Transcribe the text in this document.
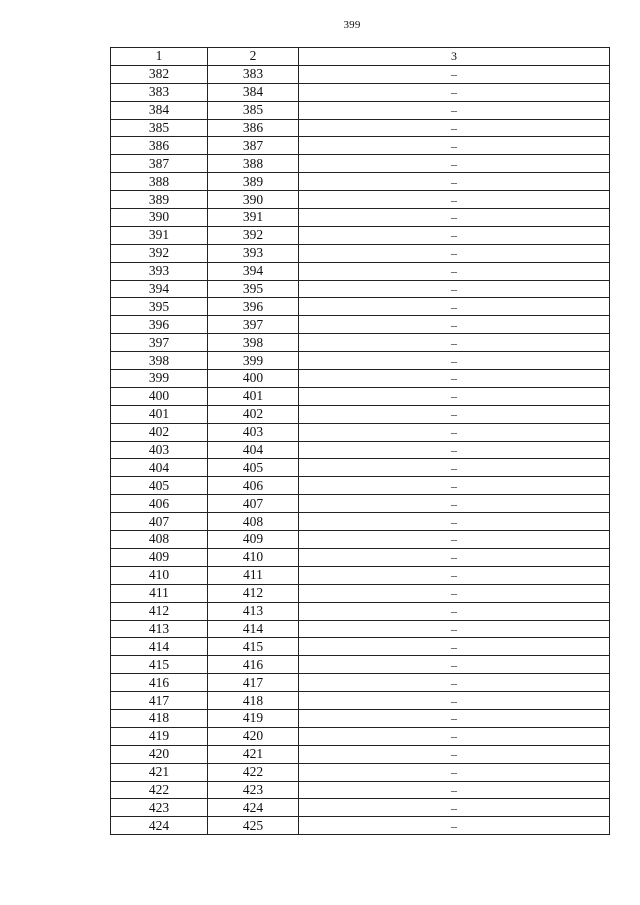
399
1	2	3
382	383	–
383	384	–
384	385	–
385	386	–
386	387	–
387	388	–
388	389	–
389	390	–
390	391	–
391	392	–
392	393	–
393	394	–
394	395	–
395	396	–
396	397	–
397	398	–
398	399	–
399	400	–
400	401	–
401	402	–
402	403	–
403	404	–
404	405	–
405	406	–
406	407	–
407	408	–
408	409	–
409	410	–
410	411	–
411	412	–
412	413	–
413	414	–
414	415	–
415	416	–
416	417	–
417	418	–
418	419	–
419	420	–
420	421	–
421	422	–
422	423	–
423	424	–
424	425	–
